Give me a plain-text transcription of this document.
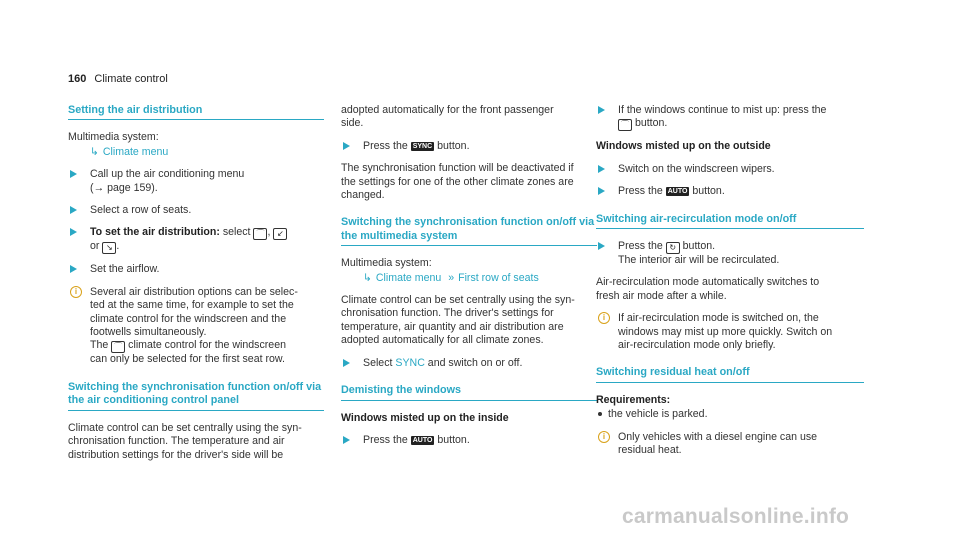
160 Climate control
Setting the air distribution

Multimedia system:

↳ Climate menu
Call up the air conditioning menu
(→ page 159).
Select a row of seats.
To set the air distribution: select ⌒ , ↙
or ↘ .
Set the airflow.
i	Several air distribution options can be selec-
ted at the same time, for example to set the
climate control for the windscreen and the
footwells simultaneously.
The ⌒ climate control for the windscreen
can only be selected for the first seat row.
Switching the synchronisation function on/off via
the air conditioning control panel

Climate control can be set centrally using the syn-
chronisation function. The temperature and air
distribution settings for the driver's side will be

adopted automatically for the front passenger
side.

Press the SYNC button.

The synchronisation function will be deactivated if
the settings for one of the other climate zones are
changed.

Switching the synchronisation function on/off via
the multimedia system

Multimedia system:

↳ Climate menu » First row of seats

Climate control can be set centrally using the syn-
chronisation function. The driver's settings for
temperature, air quantity and air distribution are
adopted automatically for all climate zones.

Select SYNC and switch on or off.
Demisting the windows
Windows misted up on the inside
Press the AUTO button.
If the windows continue to mist up: press the
⌒ button.
Windows misted up on the outside
Switch on the windscreen wipers.
Press the AUTO button.
Switching air-recirculation mode on/off
Press the ↻ button.
The interior air will be recirculated.

Air-recirculation mode automatically switches to
fresh air mode after a while.

i	If air-recirculation mode is switched on, the
windows may mist up more quickly. Switch on
air-recirculation mode only briefly.
Switching residual heat on/off
Requirements:
the vehicle is parked.
i	Only vehicles with a diesel engine can use
residual heat.
carmanualsonline.info
